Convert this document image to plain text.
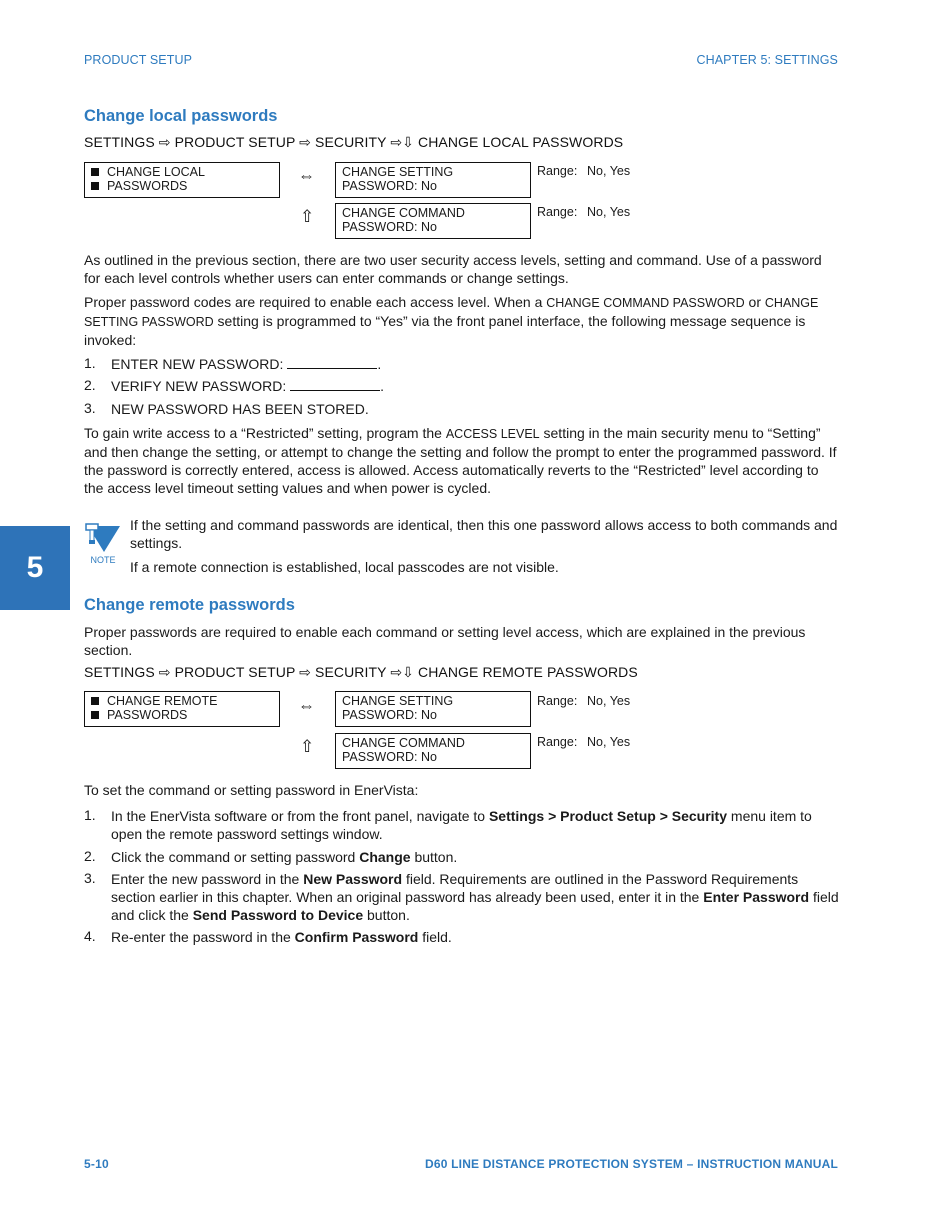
PRODUCT SETUP	CHAPTER 5: SETTINGS
Change local passwords
SETTINGS ⇨ PRODUCT SETUP ⇨ SECURITY ⇨⇩ CHANGE LOCAL PASSWORDS
CHANGE LOCAL
PASSWORDS
⇔ CHANGE SETTING
PASSWORD: No
Range: No, Yes
⇧ CHANGE COMMAND
PASSWORD: No
Range: No, Yes
As outlined in the previous section, there are two user security access levels, setting and command. Use of a password for each level controls whether users can enter commands or change settings.
Proper password codes are required to enable each access level. When a CHANGE COMMAND PASSWORD or CHANGE SETTING PASSWORD setting is programmed to “Yes” via the front panel interface, the following message sequence is invoked:
1. ENTER NEW PASSWORD:	.
2. VERIFY NEW PASSWORD:	.
3. NEW PASSWORD HAS BEEN STORED.
To gain write access to a “Restricted” setting, program the ACCESS LEVEL setting in the main security menu to “Setting” and then change the setting, or attempt to change the setting and follow the prompt to enter the programmed password. If the password is correctly entered, access is allowed. Access automatically reverts to the “Restricted” level according to the access level timeout setting values and when power is cycled.
5	NOTE
If the setting and command passwords are identical, then this one password allows access to both commands and settings.
If a remote connection is established, local passcodes are not visible.
Change remote passwords
Proper passwords are required to enable each command or setting level access, which are explained in the previous section.
SETTINGS ⇨ PRODUCT SETUP ⇨ SECURITY ⇨⇩ CHANGE REMOTE PASSWORDS
CHANGE REMOTE
PASSWORDS	⇔ CHANGE SETTING
PASSWORD: No
Range: No, Yes
⇧ CHANGE COMMAND
PASSWORD: No
Range: No, Yes
To set the command or setting password in EnerVista:
1. In the EnerVista software or from the front panel, navigate to Settings > Product Setup > Security menu item to open the remote password settings window.
2. Click the command or setting password Change button.
3. Enter the new password in the New Password field. Requirements are outlined in the Password Requirements section earlier in this chapter. When an original password has already been used, enter it in the Enter Password field and click the Send Password to Device button.
4. Re-enter the password in the Confirm Password field.
5-10	D60 LINE DISTANCE PROTECTION SYSTEM – INSTRUCTION MANUAL
